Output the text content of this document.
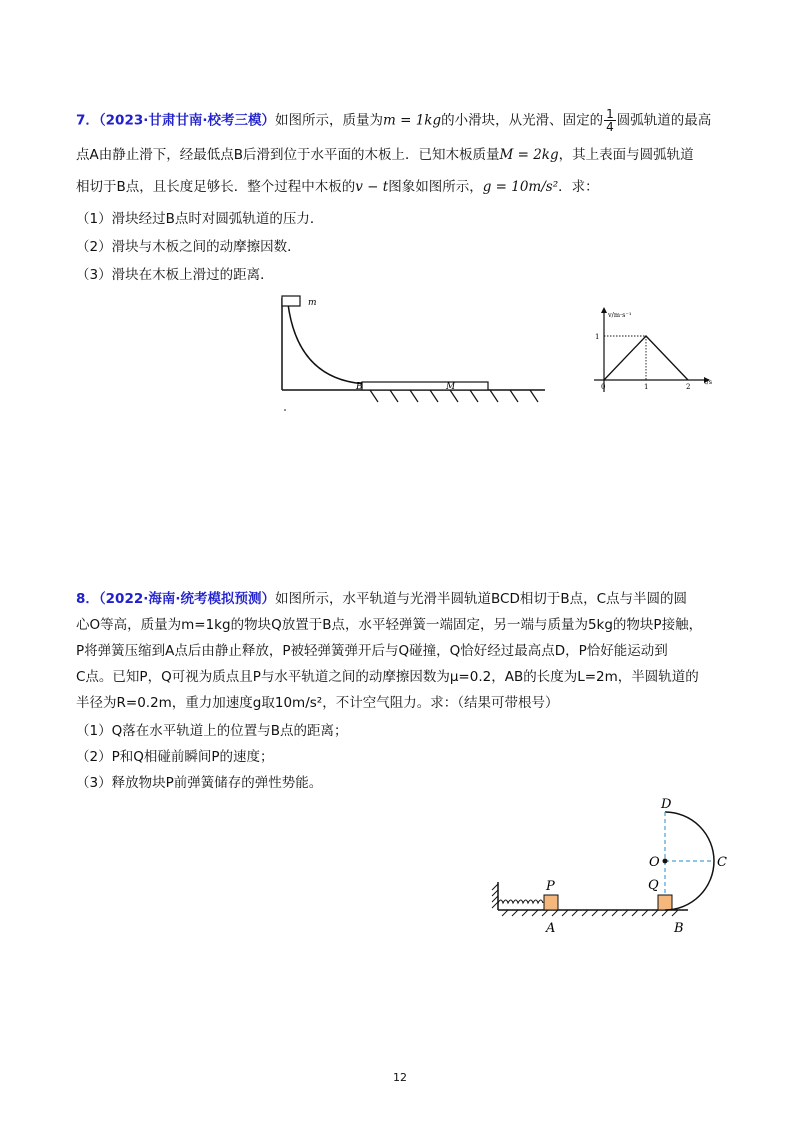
7．（2023·甘肃甘南·校考三模）如图所示，质量为m = 1kg的小滑块，从光滑、固定的 $\frac{1}{4}$ 圆弧轨道的最高
点A由静止滑下，经最低点B后滑到位于水平面的木板上．已知木板质量M = 2kg，其上表面与圆弧轨道
相切于B点，且长度足够长．整个过程中木板的v − t图象如图所示，g = 10m/s²．求：
（1）滑块经过B点时对圆弧轨道的压力．
（2）滑块与木板之间的动摩擦因数．
（3）滑块在木板上滑过的距离．
m
B	M
v/m·s⁻¹
t/s
0	1	2
1
8．（2022·海南·统考模拟预测）如图所示，水平轨道与光滑半圆轨道BCD相切于B点，C点与半圆的圆
心O等高，质量为m=1kg的物块Q放置于B点，水平轻弹簧一端固定，另一端与质量为5kg的物块P接触，
P将弹簧压缩到A点后由静止释放，P被轻弹簧弹开后与Q碰撞，Q恰好经过最高点D，P恰好能运动到
C点。已知P，Q可视为质点且P与水平轨道之间的动摩擦因数为μ=0.2，AB的长度为L=2m，半圆轨道的
半径为R=0.2m，重力加速度g取10m/s²，不计空气阻力。求：（结果可带根号）
（1）Q落在水平轨道上的位置与B点的距离；
（2）P和Q相碰前瞬间P的速度；
（3）释放物块P前弹簧储存的弹性势能。
P
A
Q
B
D
O	C
12
